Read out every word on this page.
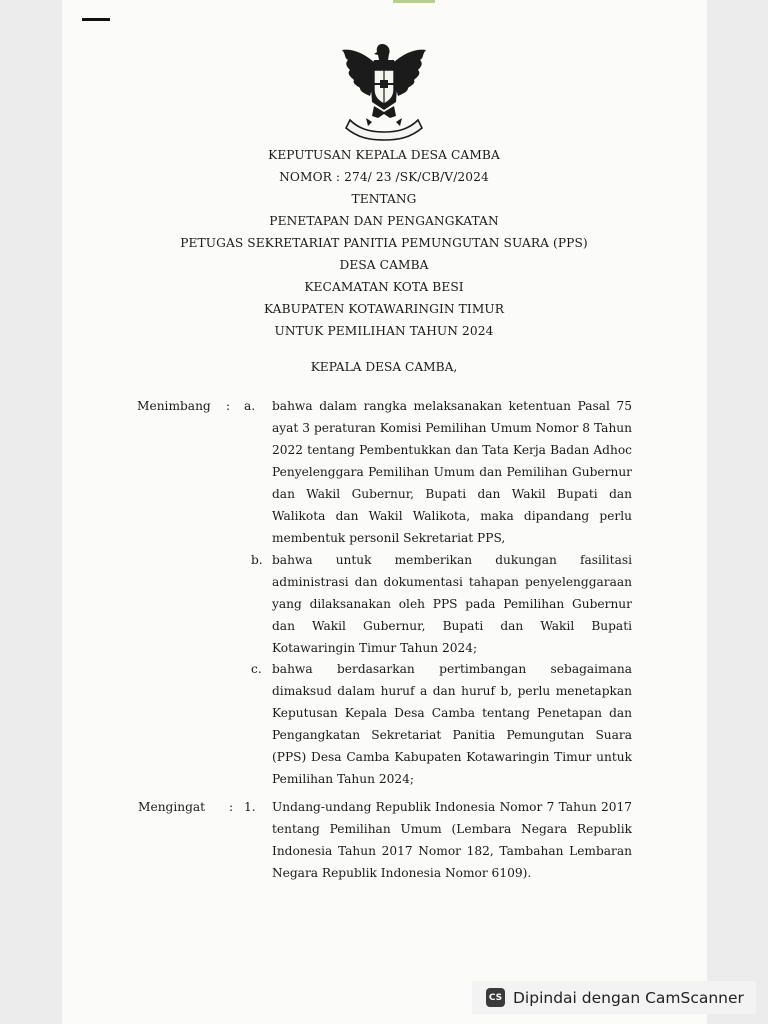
KEPUTUSAN KEPALA DESA CAMBA
NOMOR : 274/ 23 /SK/CB/V/2024
TENTANG
PENETAPAN DAN PENGANGKATAN
PETUGAS SEKRETARIAT PANITIA PEMUNGUTAN SUARA (PPS)
DESA CAMBA
KECAMATAN KOTA BESI
KABUPATEN KOTAWARINGIN TIMUR
UNTUK PEMILIHAN TAHUN 2024
KEPALA DESA CAMBA,
Menimbang : a. bahwa dalam rangka melaksanakan ketentuan Pasal 75 ayat 3 peraturan Komisi Pemilihan Umum Nomor 8 Tahun 2022 tentang Pembentukkan dan Tata Kerja Badan Adhoc Penyelenggara Pemilihan Umum dan Pemilihan Gubernur dan Wakil Gubernur, Bupati dan Wakil Bupati dan Walikota dan Wakil Walikota, maka dipandang perlu membentuk personil Sekretariat PPS,
b. bahwa untuk memberikan dukungan fasilitasi administrasi dan dokumentasi tahapan penyelenggaraan yang dilaksanakan oleh PPS pada Pemilihan Gubernur dan Wakil Gubernur, Bupati dan Wakil Bupati Kotawaringin Timur Tahun 2024;
c. bahwa berdasarkan pertimbangan sebagaimana dimaksud dalam huruf a dan huruf b, perlu menetapkan Keputusan Kepala Desa Camba tentang Penetapan dan Pengangkatan Sekretariat Panitia Pemungutan Suara (PPS) Desa Camba Kabupaten Kotawaringin Timur untuk Pemilihan Tahun 2024;
Mengingat : 1. Undang-undang Republik Indonesia Nomor 7 Tahun 2017 tentang Pemilihan Umum (Lembara Negara Republik Indonesia Tahun 2017 Nomor 182, Tambahan Lembaran Negara Republik Indonesia Nomor 6109).
CS Dipindai dengan CamScanner
